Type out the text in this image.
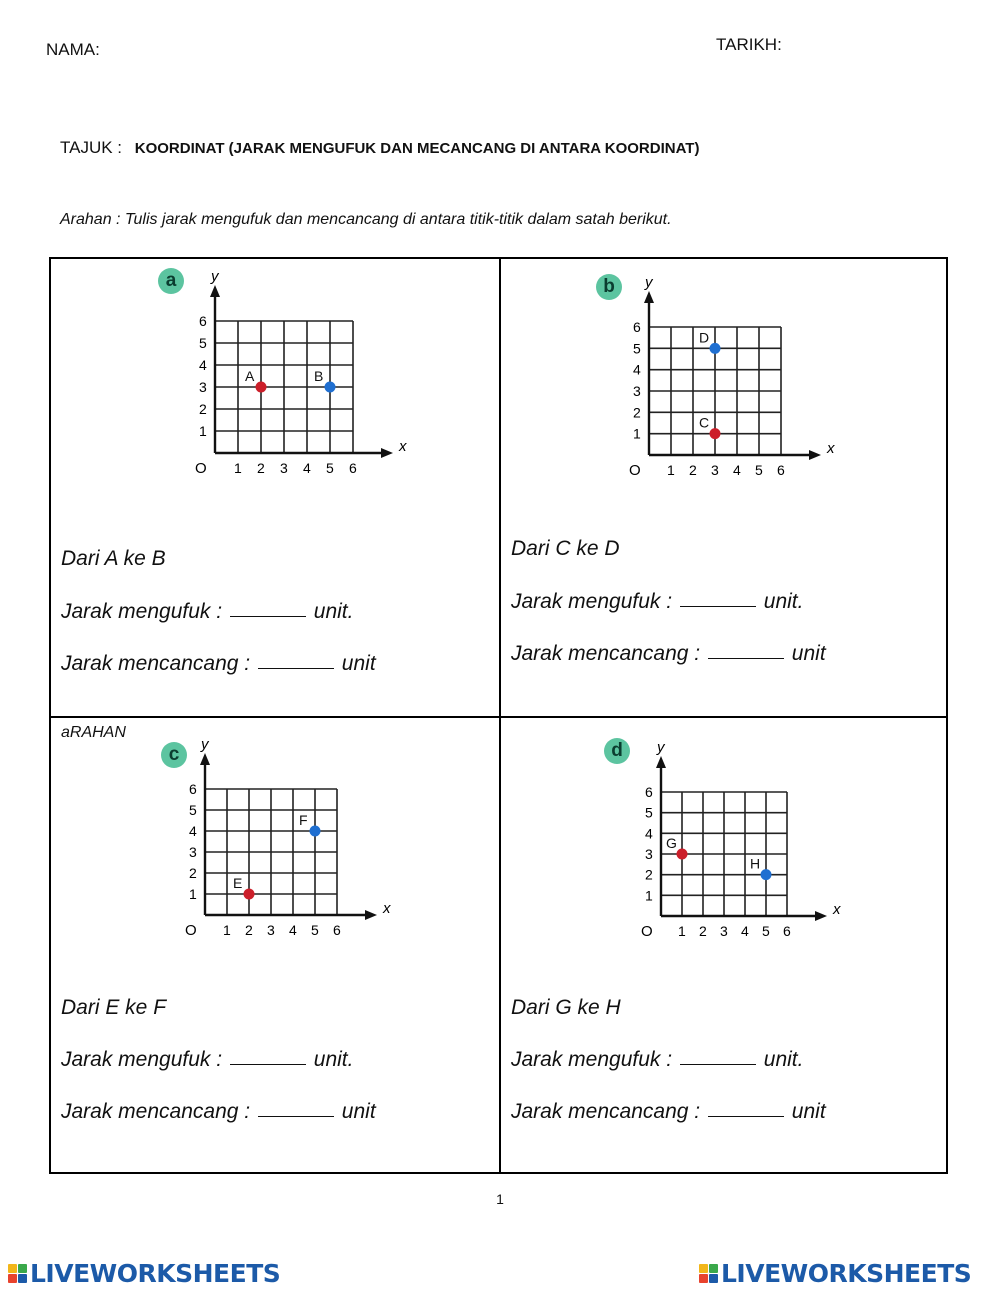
NAMA:	TARIKH:
TAJUK : KOORDINAT (JARAK MENGUFUK DAN MECANCANG DI ANTARA KOORDINAT)
Arahan : Tulis jarak mengufuk dan mencancang di antara titik-titik dalam satah berikut.
a
x
y
O 1
1
2
2
3
3
4
4
5
5
6
6
A	B
Dari A ke B
Jarak mengufuk :	unit.
Jarak mencancang :	unit
b
x
y
O 1
1
2
2
3
3
4
4
5
5
6
6
C
D
Dari C ke D
Jarak mengufuk :	unit.
Jarak mencancang :	unit
aRAHAN
c
x
y
O 1
1
2
2
3
3
4
4
5
5
6
6
E
F
Dari E ke F
Jarak mengufuk :	unit.
Jarak mencancang :	unit
d
x
y
O 1
1
2
2
3
3
4
4
5
5
6
6
G
H
Dari G ke H
Jarak mengufuk :	unit.
Jarak mencancang :	unit
1
LIVEWORKSHEETS	LIVEWORKSHEETS
